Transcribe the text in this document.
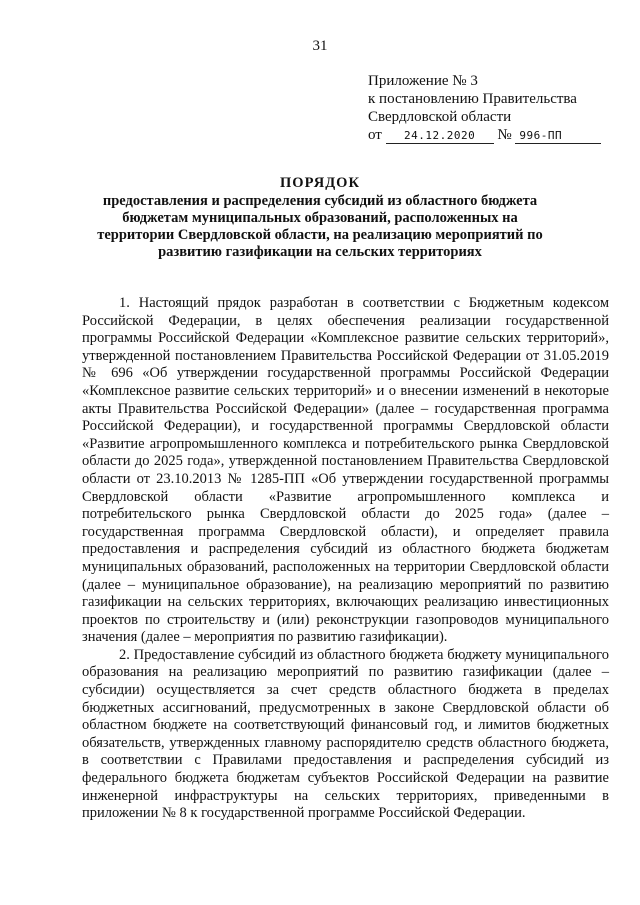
31
Приложение № 3
к постановлению Правительства
Свердловской области
от 24.12.2020 № 996-ПП
ПОРЯДОК
предоставления и распределения субсидий из областного бюджета бюджетам муниципальных образований, расположенных на территории Свердловской области, на реализацию мероприятий по развитию газификации на сельских территориях

1. Настоящий прядок разработан в соответствии с Бюджетным кодексом Российской Федерации, в целях обеспечения реализации государственной программы Российской Федерации «Комплексное развитие сельских территорий», утвержденной постановлением Правительства Российской Федерации от 31.05.2019 № 696 «Об утверждении государственной программы Российской Федерации «Комплексное развитие сельских территорий» и о внесении изменений в некоторые акты Правительства Российской Федерации» (далее – государственная программа Российской Федерации), и государственной программы Свердловской области «Развитие агропромышленного комплекса и потребительского рынка Свердловской области до 2025 года», утвержденной постановлением Правительства Свердловской области от 23.10.2013 № 1285-ПП «Об утверждении государственной программы Свердловской области «Развитие агропромышленного комплекса и потребительского рынка Свердловской области до 2025 года» (далее – государственная программа Свердловской области), и определяет правила предоставления и распределения субсидий из областного бюджета бюджетам муниципальных образований, расположенных на территории Свердловской области (далее – муниципальное образование), на реализацию мероприятий по развитию газификации на сельских территориях, включающих реализацию инвестиционных проектов по строительству и (или) реконструкции газопроводов муниципального значения (далее – мероприятия по развитию газификации).

2. Предоставление субсидий из областного бюджета бюджету муниципального образования на реализацию мероприятий по развитию газификации (далее – субсидии) осуществляется за счет средств областного бюджета в пределах бюджетных ассигнований, предусмотренных в законе Свердловской области об областном бюджете на соответствующий финансовый год, и лимитов бюджетных обязательств, утвержденных главному распорядителю средств областного бюджета, в соответствии с Правилами предоставления и распределения субсидий из федерального бюджета бюджетам субъектов Российской Федерации на развитие инженерной инфраструктуры на сельских территориях, приведенными в приложении № 8 к государственной программе Российской Федерации.
